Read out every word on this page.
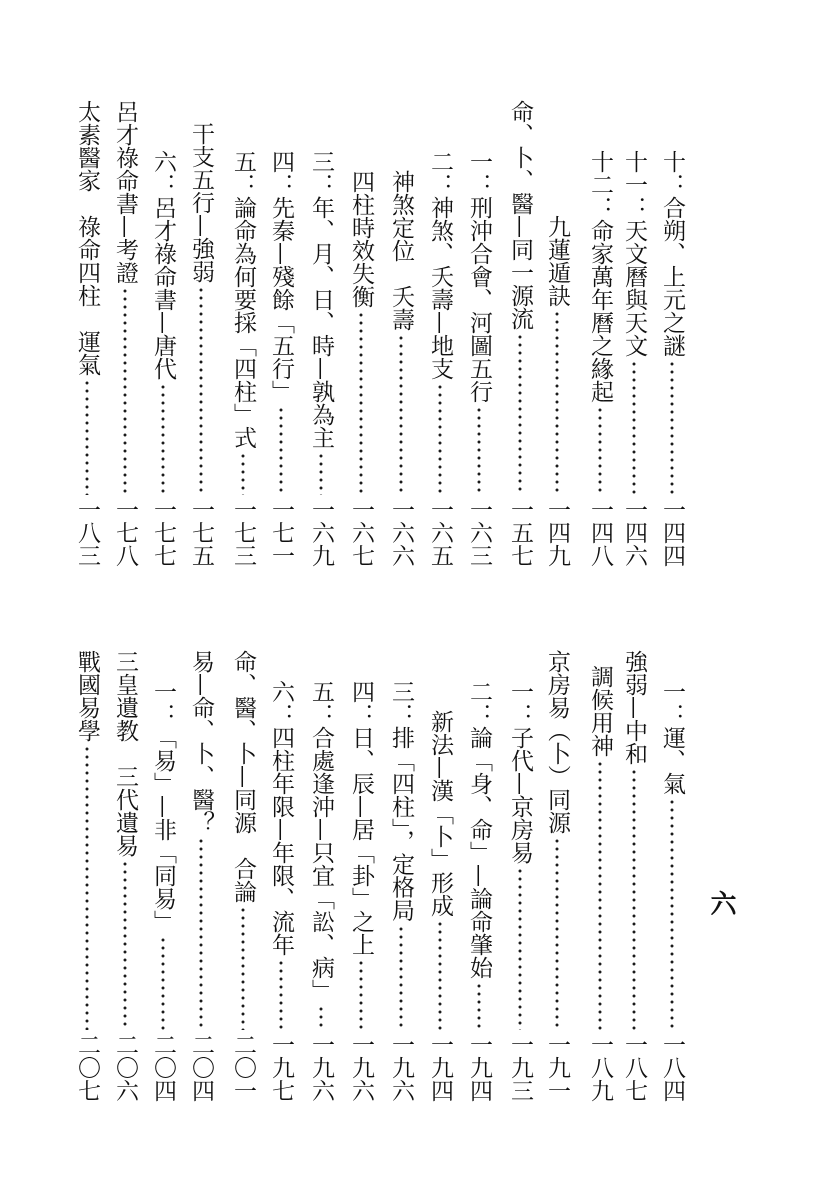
十：合朔、上元之謎
一四四
十一：天文曆與天文
一四六
十二：命家萬年曆之緣起
一四八
九蓮遁訣
一四九
命、卜、醫—同一源流
一五七
一：刑沖合會、河圖五行
一六三
二：神煞、夭壽—地支
一六五
神煞定位　夭壽
一六六
四柱時效失衡
一六七
三：年、月、日、時—孰為主
一六九
四：先秦—殘餘「五行」
一七一
五：論命為何要採「四柱」式
一七三
干支五行—強弱
一七五
六：呂才祿命書—唐代
一七七
呂才祿命書—考證
一七八
太素醫家　祿命四柱　運氣
一八三
一：運、氣
一八四
強弱—中和
一八七
調候用神
一八九
京房易（卜）同源
一九一
一：子代—京房易
一九三
二：論「身、命」—論命肇始
一九四
新法—漢「卜」形成
一九四
三：排「四柱」，定格局
一九六
四：日、辰—居「卦」之上
一九六
五：合處逢沖—只宜「訟、病」
一九六
六：四柱年限—年限、流年
一九七
命、醫、卜—同源　合論
二〇一
易—命、卜、醫？
二〇四
一：「易」—非「同易」
二〇四
三皇遺教　三代遺易
二〇六
戰國易學
二〇七
六
